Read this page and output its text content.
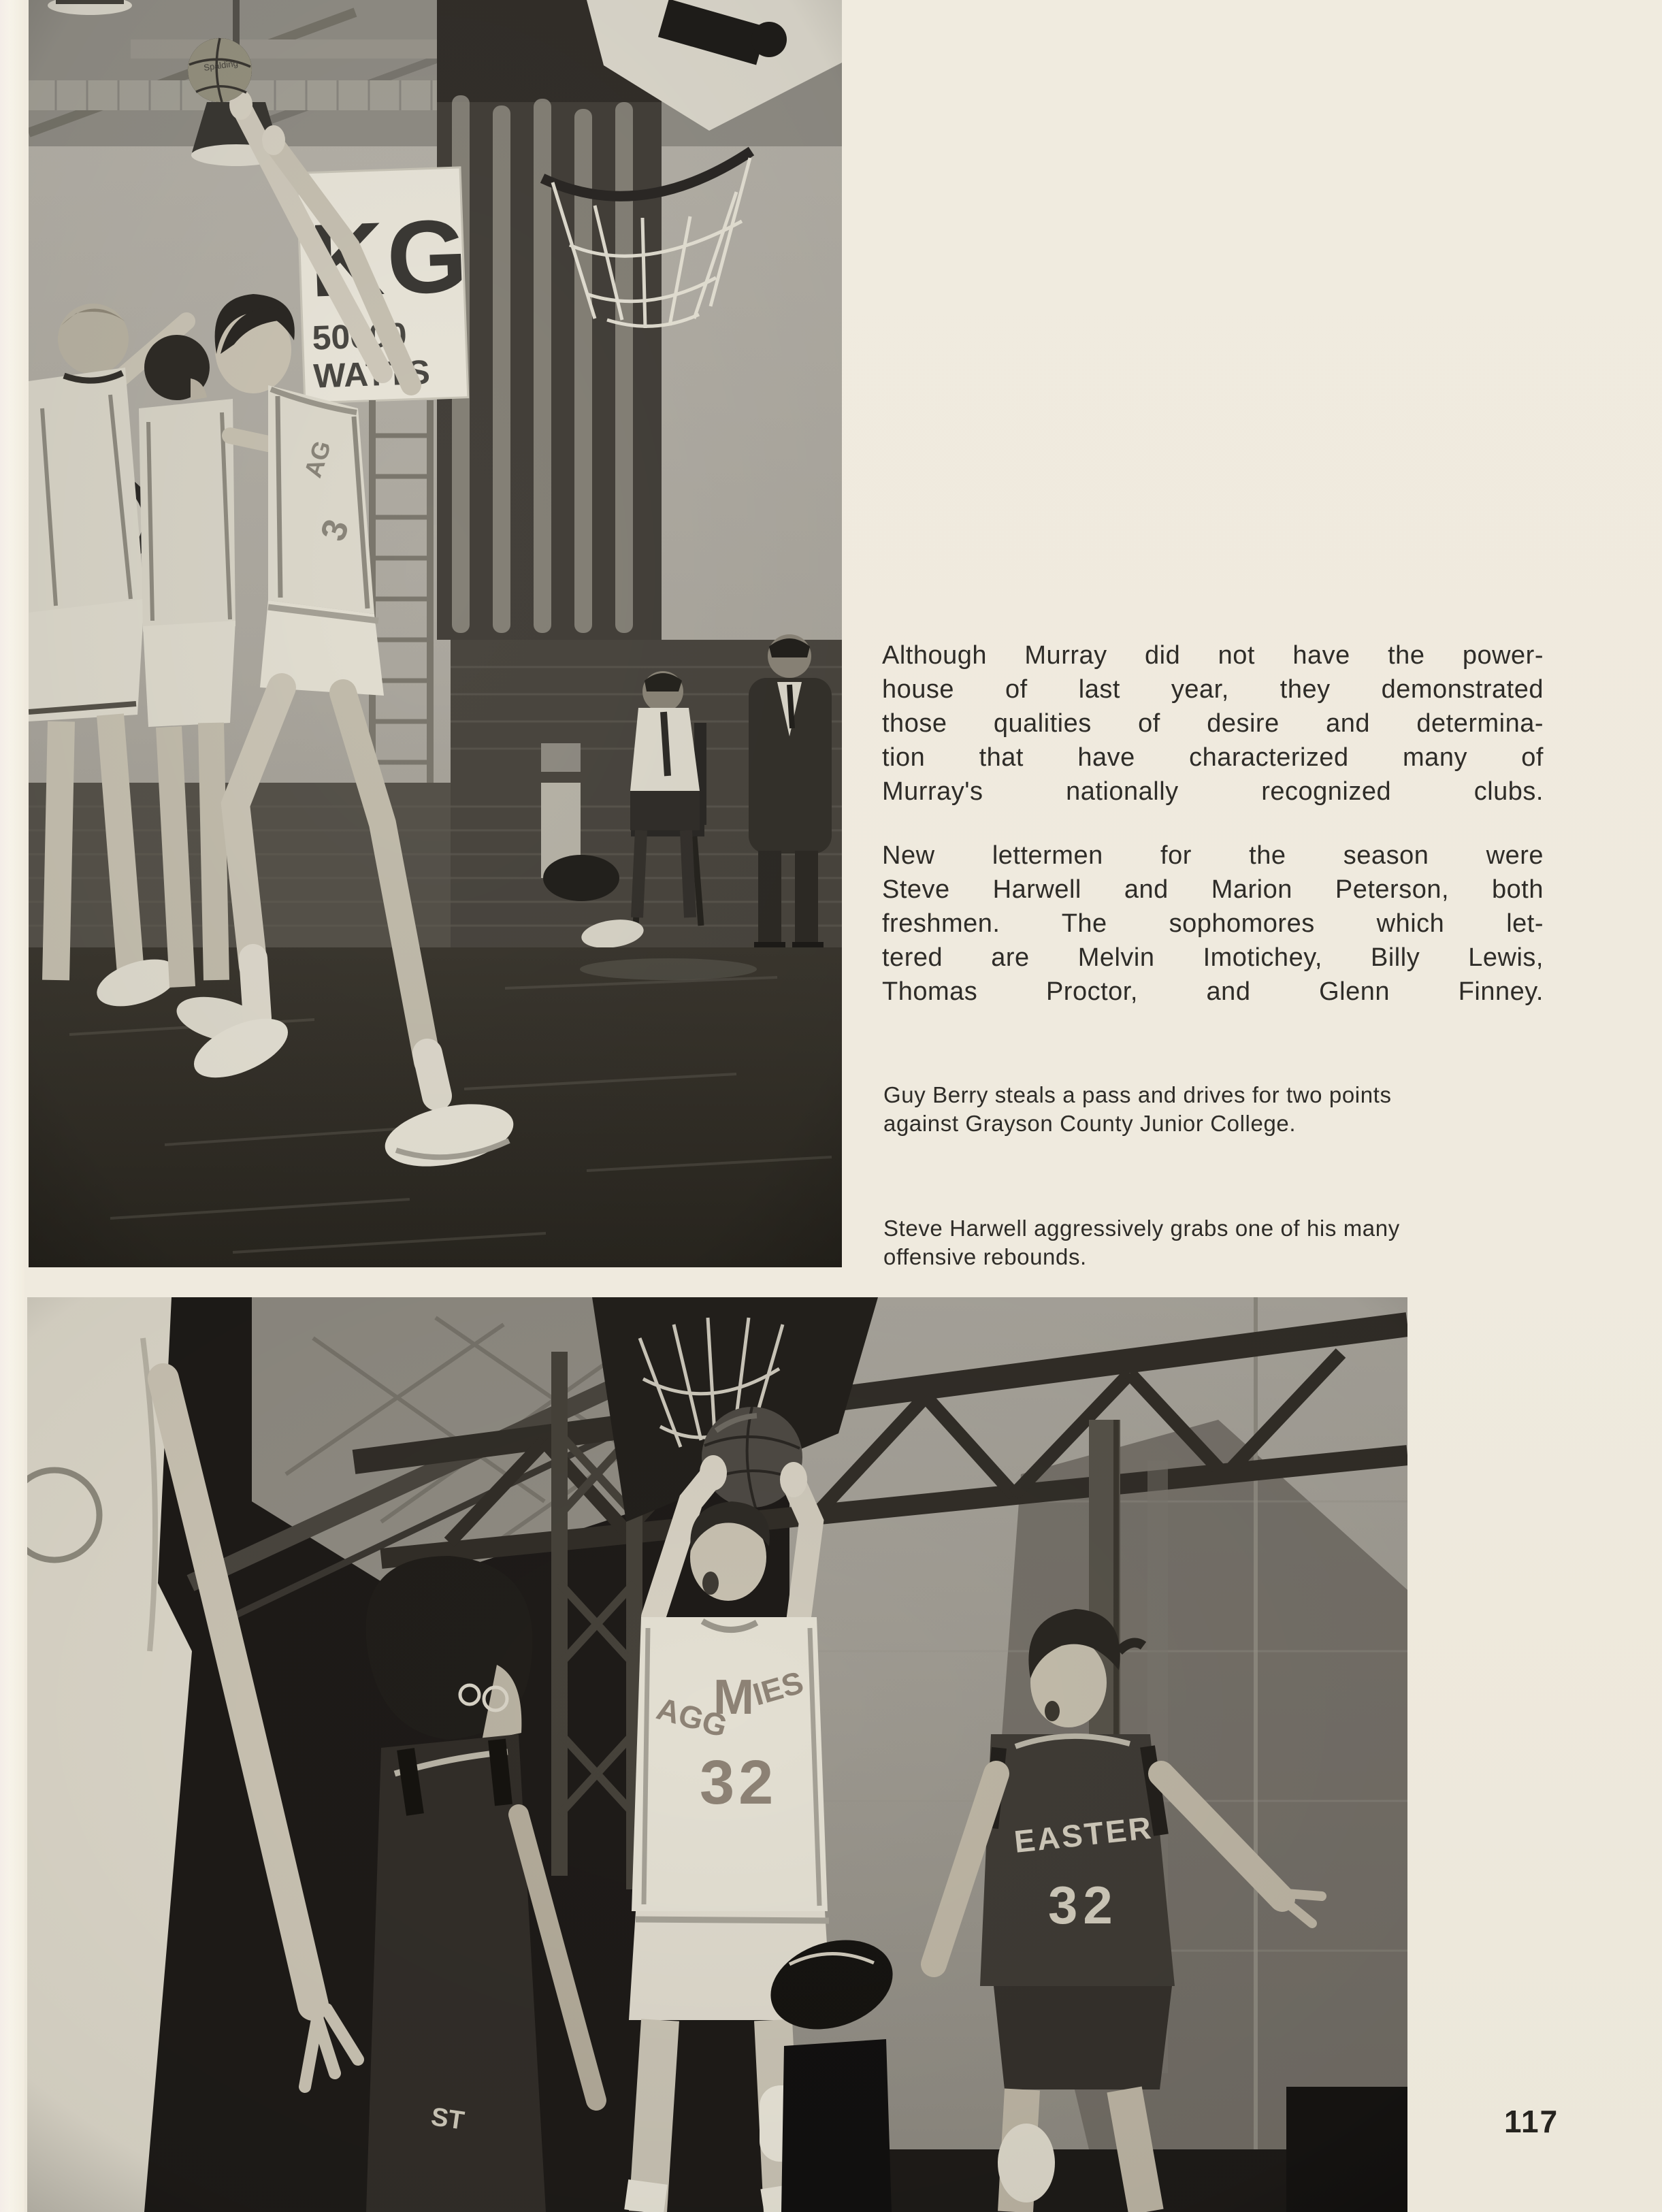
Although Murray did not have the power-
house of last year, they demonstrated
those qualities of desire and determina-
tion that have characterized many of
Murray's nationally recognized clubs.
New lettermen for the season were
Steve Harwell and Marion Peterson, both
freshmen. The sophomores which let-
tered are Melvin Imotichey, Billy Lewis,
Thomas Proctor, and Glenn Finney.
Guy Berry steals a pass and drives for two points
against Grayson County Junior College.
Steve Harwell aggressively grabs one of his many
offensive rebounds.
117
